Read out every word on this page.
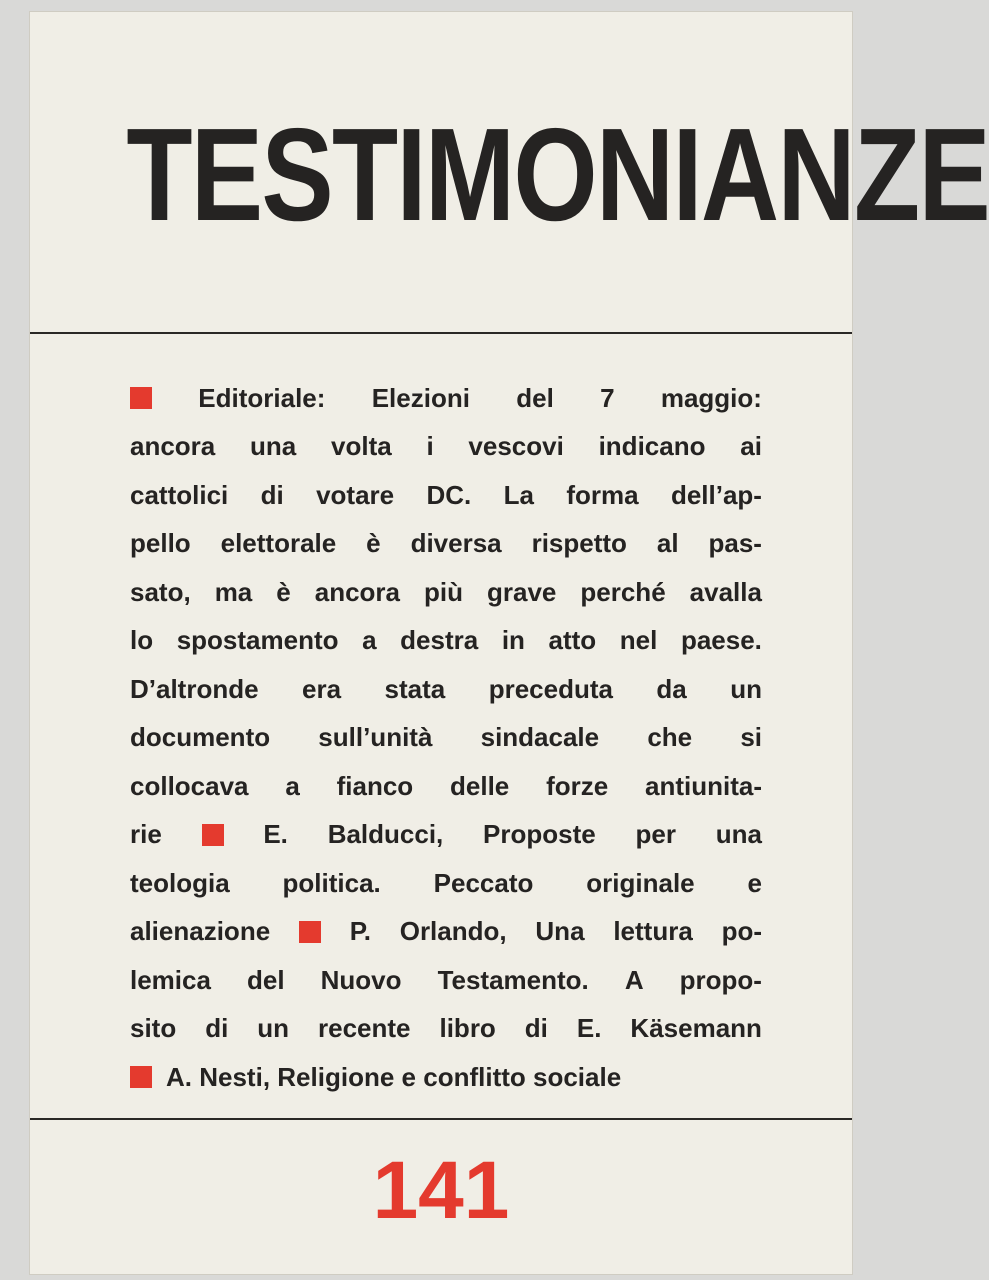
TESTIMONIANZE
Editoriale: Elezioni del 7 maggio:
ancora una volta i vescovi indicano ai
cattolici di votare DC. La forma dell’ap-
pello elettorale è diversa rispetto al pas-
sato, ma è ancora più grave perché avalla
lo spostamento a destra in atto nel paese.
D’altronde era stata preceduta da un
documento sull’unità sindacale che si
collocava a fianco delle forze antiunita-
rie	E. Balducci, Proposte per una
teologia politica. Peccato originale e
alienazione	P. Orlando, Una lettura po-
lemica del Nuovo Testamento. A propo-
sito di un recente libro di E. Käsemann
A.
Nesti,
Religione
e
conflitto
sociale
141
